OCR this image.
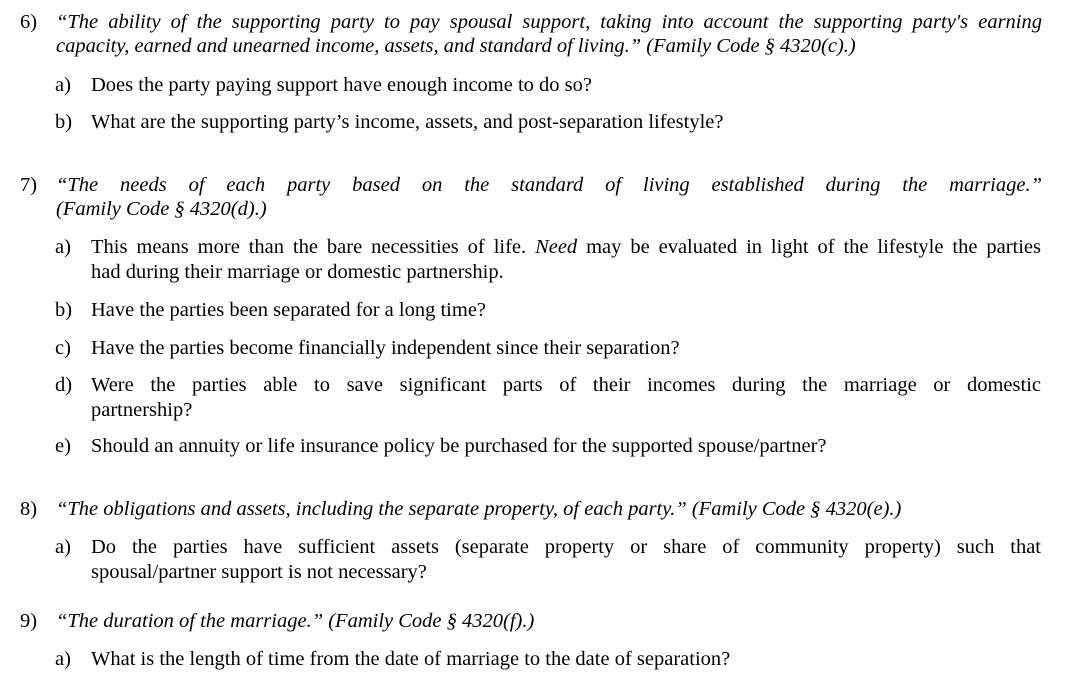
6) “The ability of the supporting party to pay spousal support, taking into account the supporting party's earning
capacity, earned and unearned income, assets, and standard of living.” (Family Code § 4320(c).)
a) Does the party paying support have enough income to do so?
b) What are the supporting party’s income, assets, and post-separation lifestyle?
7) “The needs of each party based on the standard of living established during the marriage.”
(Family Code § 4320(d).)
a) This means more than the bare necessities of life. Need may be evaluated in light of the lifestyle the parties
had during their marriage or domestic partnership.
b) Have the parties been separated for a long time?
c) Have the parties become financially independent since their separation?
d) Were the parties able to save significant parts of their incomes during the marriage or domestic
partnership?
e) Should an annuity or life insurance policy be purchased for the supported spouse/partner?
8) “The obligations and assets, including the separate property, of each party.” (Family Code § 4320(e).)
a) Do the parties have sufficient assets (separate property or share of community property) such that
spousal/partner support is not necessary?
9) “The duration of the marriage.” (Family Code § 4320(f).)
a) What is the length of time from the date of marriage to the date of separation?
